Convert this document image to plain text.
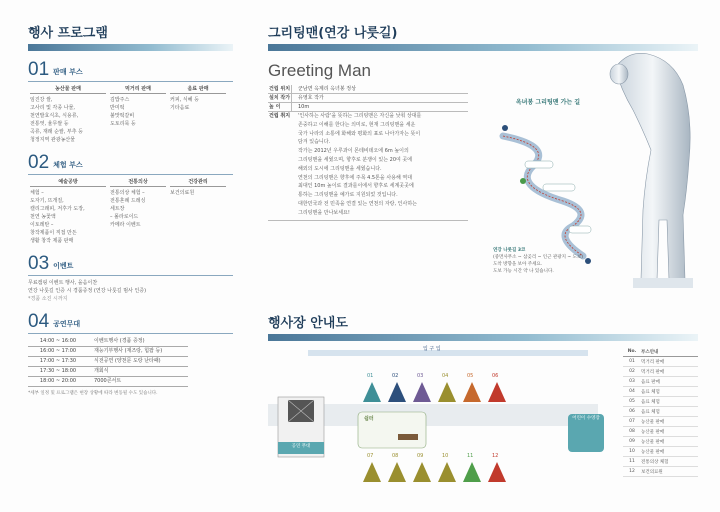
행사 프로그램
01 판매 부스
농산물 판매
임진강 쌀,
고사리 및 각종 나물,
천연발효식초, 식용류,
전통엿, 율무쌀 등
곡류, 재래 순쌀, 부추 등
청정지역 관광농산물
먹거리 판매
김밥주스
반미떡
불맛떡갈비
도토리묵 등
음료 판매
커피, 식혜 등
기타음료
02 체험 부스
예술공방
체험 –
도자기, 뜨개질,
캘리그래피, 저후가 도장,
천연 농꽃액
이토레탄 –
창작제품이 직접 만든
생활 창작 제품 판매
전통의상
전통의상 체험 –
전통혼례 드레싱
세트장
– 폴라로이드
카메라 이벤트
건강관리
보건의료원
03 이벤트
무료캠핑 이벤트 행사, 을음이찬
연강 나룻길 인증 시 경품증정 (연강 나룻길 범사 인증)
*경품 소진 시까지
04 공연무대
14:00 ~ 16:00	이벤트행사 (경품 증정)
16:00 ~ 17:00	재능기부행사 (재즈랑, 힙팝 등)
17:00 ~ 17:30	식전공연 (양천문 도랑 난타패)
17:30 ~ 18:00	개회식
18:00 ~ 20:00	7000콘서트
*세부 일정 및 프로그램은 현장 상황에 따라 변동될 수도 있습니다.
그리팅맨(연강 나룻길)
Greeting Man
건립 위치	군남면 옥계리 옥녀봉 정상
설치 작가	유영호 작가
높 이	10m
건립 취지 '인사하는 사람'을 뜻하는 그리팅맨은 자신을 낮춰 상대를
존중하고 이해를 한다는 의미로, 현재 그리팅맨을 세운
국가 나라의 소통에 화해와 평화의 표로 나아가자는 뜻이
담겨 있습니다.
작가는 2012년 우루과이 몬테비데오에 6m 높이의
그리팅맨을 세웠으며, 향후로 분쟁이 있는 20여 곳에
해외의 도시에 그리팅맨을 세웠습니다.
연천의 그리팅맨은 향후에 주목 4.5톤을 사용해 역대
최대인 10m 높이로 결과를이에서 향후로 세계곳곳에
통하는 그리팅맨을 예가로 지원되었 것입니다.
대한민국과 전 민족을 연결 있는 연천의 자랑, 인사하는
그리팅맨을 만나보세요!
옥녀봉 그리팅맨 가는 길
연강 나룻길 3코
(중면사무소 ~ 삼곶리 ~ 인근 관광지 ~ 도보)
도착 방향을 보아 주세요.
도보 가능 시간 약 나 있습니다.
행사장 안내도
입 구 입
공연 무대
쉼터	어린이 수영장
01	02	03	04	05	06
07	08	09	10	11	12
No.	부스안내
01	먹거리 판매
02	먹거리 판매
03	음료 판매
04	음료 체험
05	음료 체험
06	음료 체험
07	농산물 판매
08	농산물 판매
09	농산물 판매
10	농산물 판매
11	전통의상 체험
12	보건의료원
